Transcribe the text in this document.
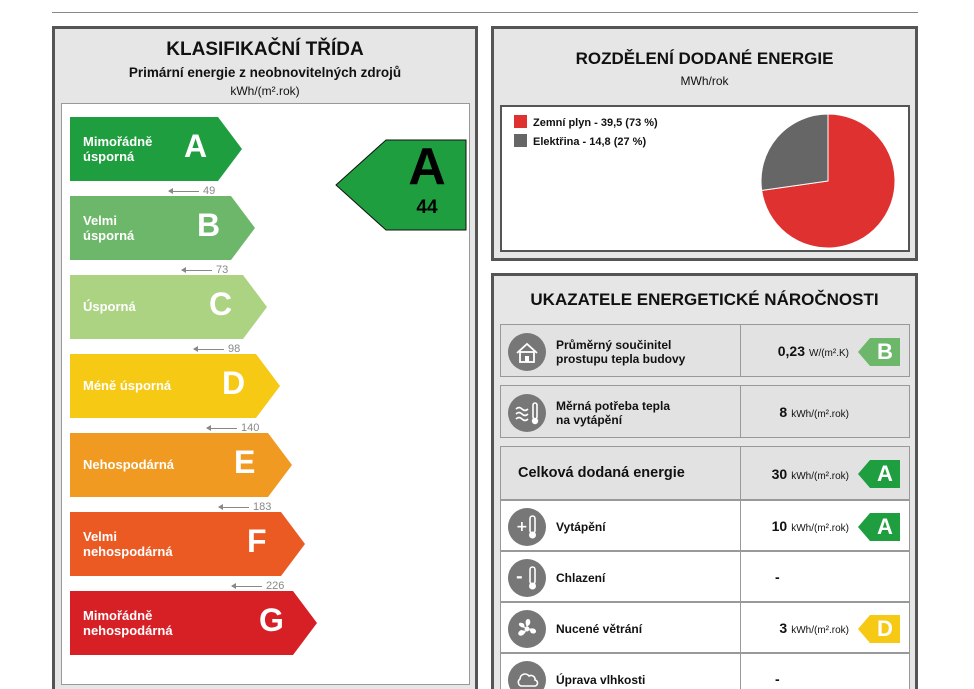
KLASIFIKAČNÍ TŘÍDA
Primární energie z neobnovitelných zdrojů
kWh/(m².rok)
Mimořádně
úsporná	A
Velmi
úsporná B
Úsporná C
Méně úsporná D
Nehospodárná E
Velmi
nehospodárná F
Mimořádně
nehospodárná	G
49
73
98
140
183
226
A
44
ROZDĚLENÍ DODANÉ ENERGIE
MWh/rok
Zemní plyn - 39,5 (73 %)
Elektřina - 14,8 (27 %)
UKAZATELE ENERGETICKÉ NÁROČNOSTI
Průměrný součinitel
prostupu tepla budovy	0,23 W/(m².K)	B
Měrná potřeba tepla
na vytápění	8 kWh/(m².rok)
Celková dodaná energie	30 kWh/(m².rok)	A
+ Vytápění	10 kWh/(m².rok)	A
-	Chlazení	-
Nucené větrání	3 kWh/(m².rok)	D
Úprava vlhkosti	-
